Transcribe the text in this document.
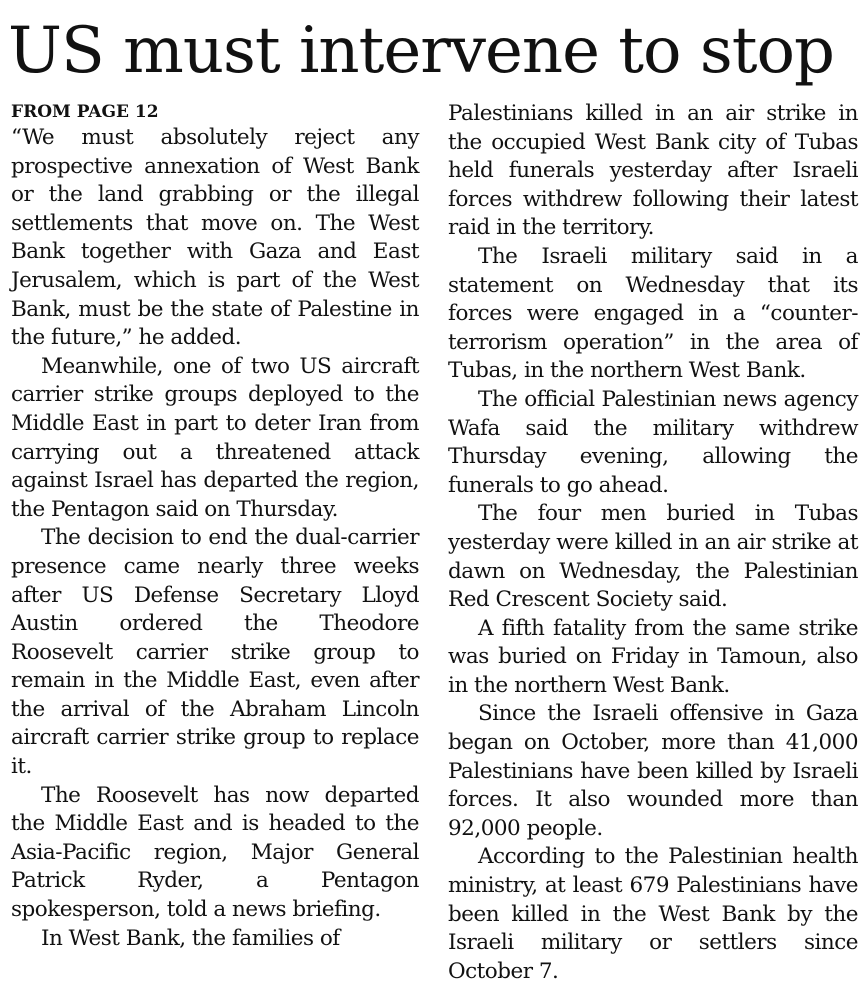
US must intervene to stop
FROM PAGE 12

“We must absolutely reject any prospective annexation of West Bank or the land grabbing or the illegal settlements that move on. The West Bank together with Gaza and East Jerusalem, which is part of the West Bank, must be the state of Palestine in the future,” he added.

Meanwhile, one of two US aircraft carrier strike groups deployed to the Middle East in part to deter Iran from carrying out a threatened attack against Israel has departed the region, the Pentagon said on Thursday.

The decision to end the dual-carrier presence came nearly three weeks after US Defense Secretary Lloyd Austin ordered the Theodore Roosevelt carrier strike group to remain in the Middle East, even after the arrival of the Abraham Lincoln aircraft carrier strike group to replace it.

The Roosevelt has now departed the Middle East and is headed to the Asia-Pacific region, Major General Patrick Ryder, a Pentagon spokesperson, told a news briefing.

In West Bank, the families of

Palestinians killed in an air strike in the occupied West Bank city of Tubas held funerals yesterday after Israeli forces withdrew following their latest raid in the territory.

The Israeli military said in a statement on Wednesday that its forces were engaged in a “counter-terrorism operation” in the area of Tubas, in the northern West Bank.

The official Palestinian news agency Wafa said the military withdrew Thursday evening, allowing the funerals to go ahead.

The four men buried in Tubas yesterday were killed in an air strike at dawn on Wednesday, the Palestinian Red Crescent Society said.

A fifth fatality from the same strike was buried on Friday in Tamoun, also in the northern West Bank.

Since the Israeli offensive in Gaza began on October, more than 41,000 Palestinians have been killed by Israeli forces. It also wounded more than 92,000 people.

According to the Palestinian health ministry, at least 679 Palestinians have been killed in the West Bank by the Israeli military or settlers since October 7.
